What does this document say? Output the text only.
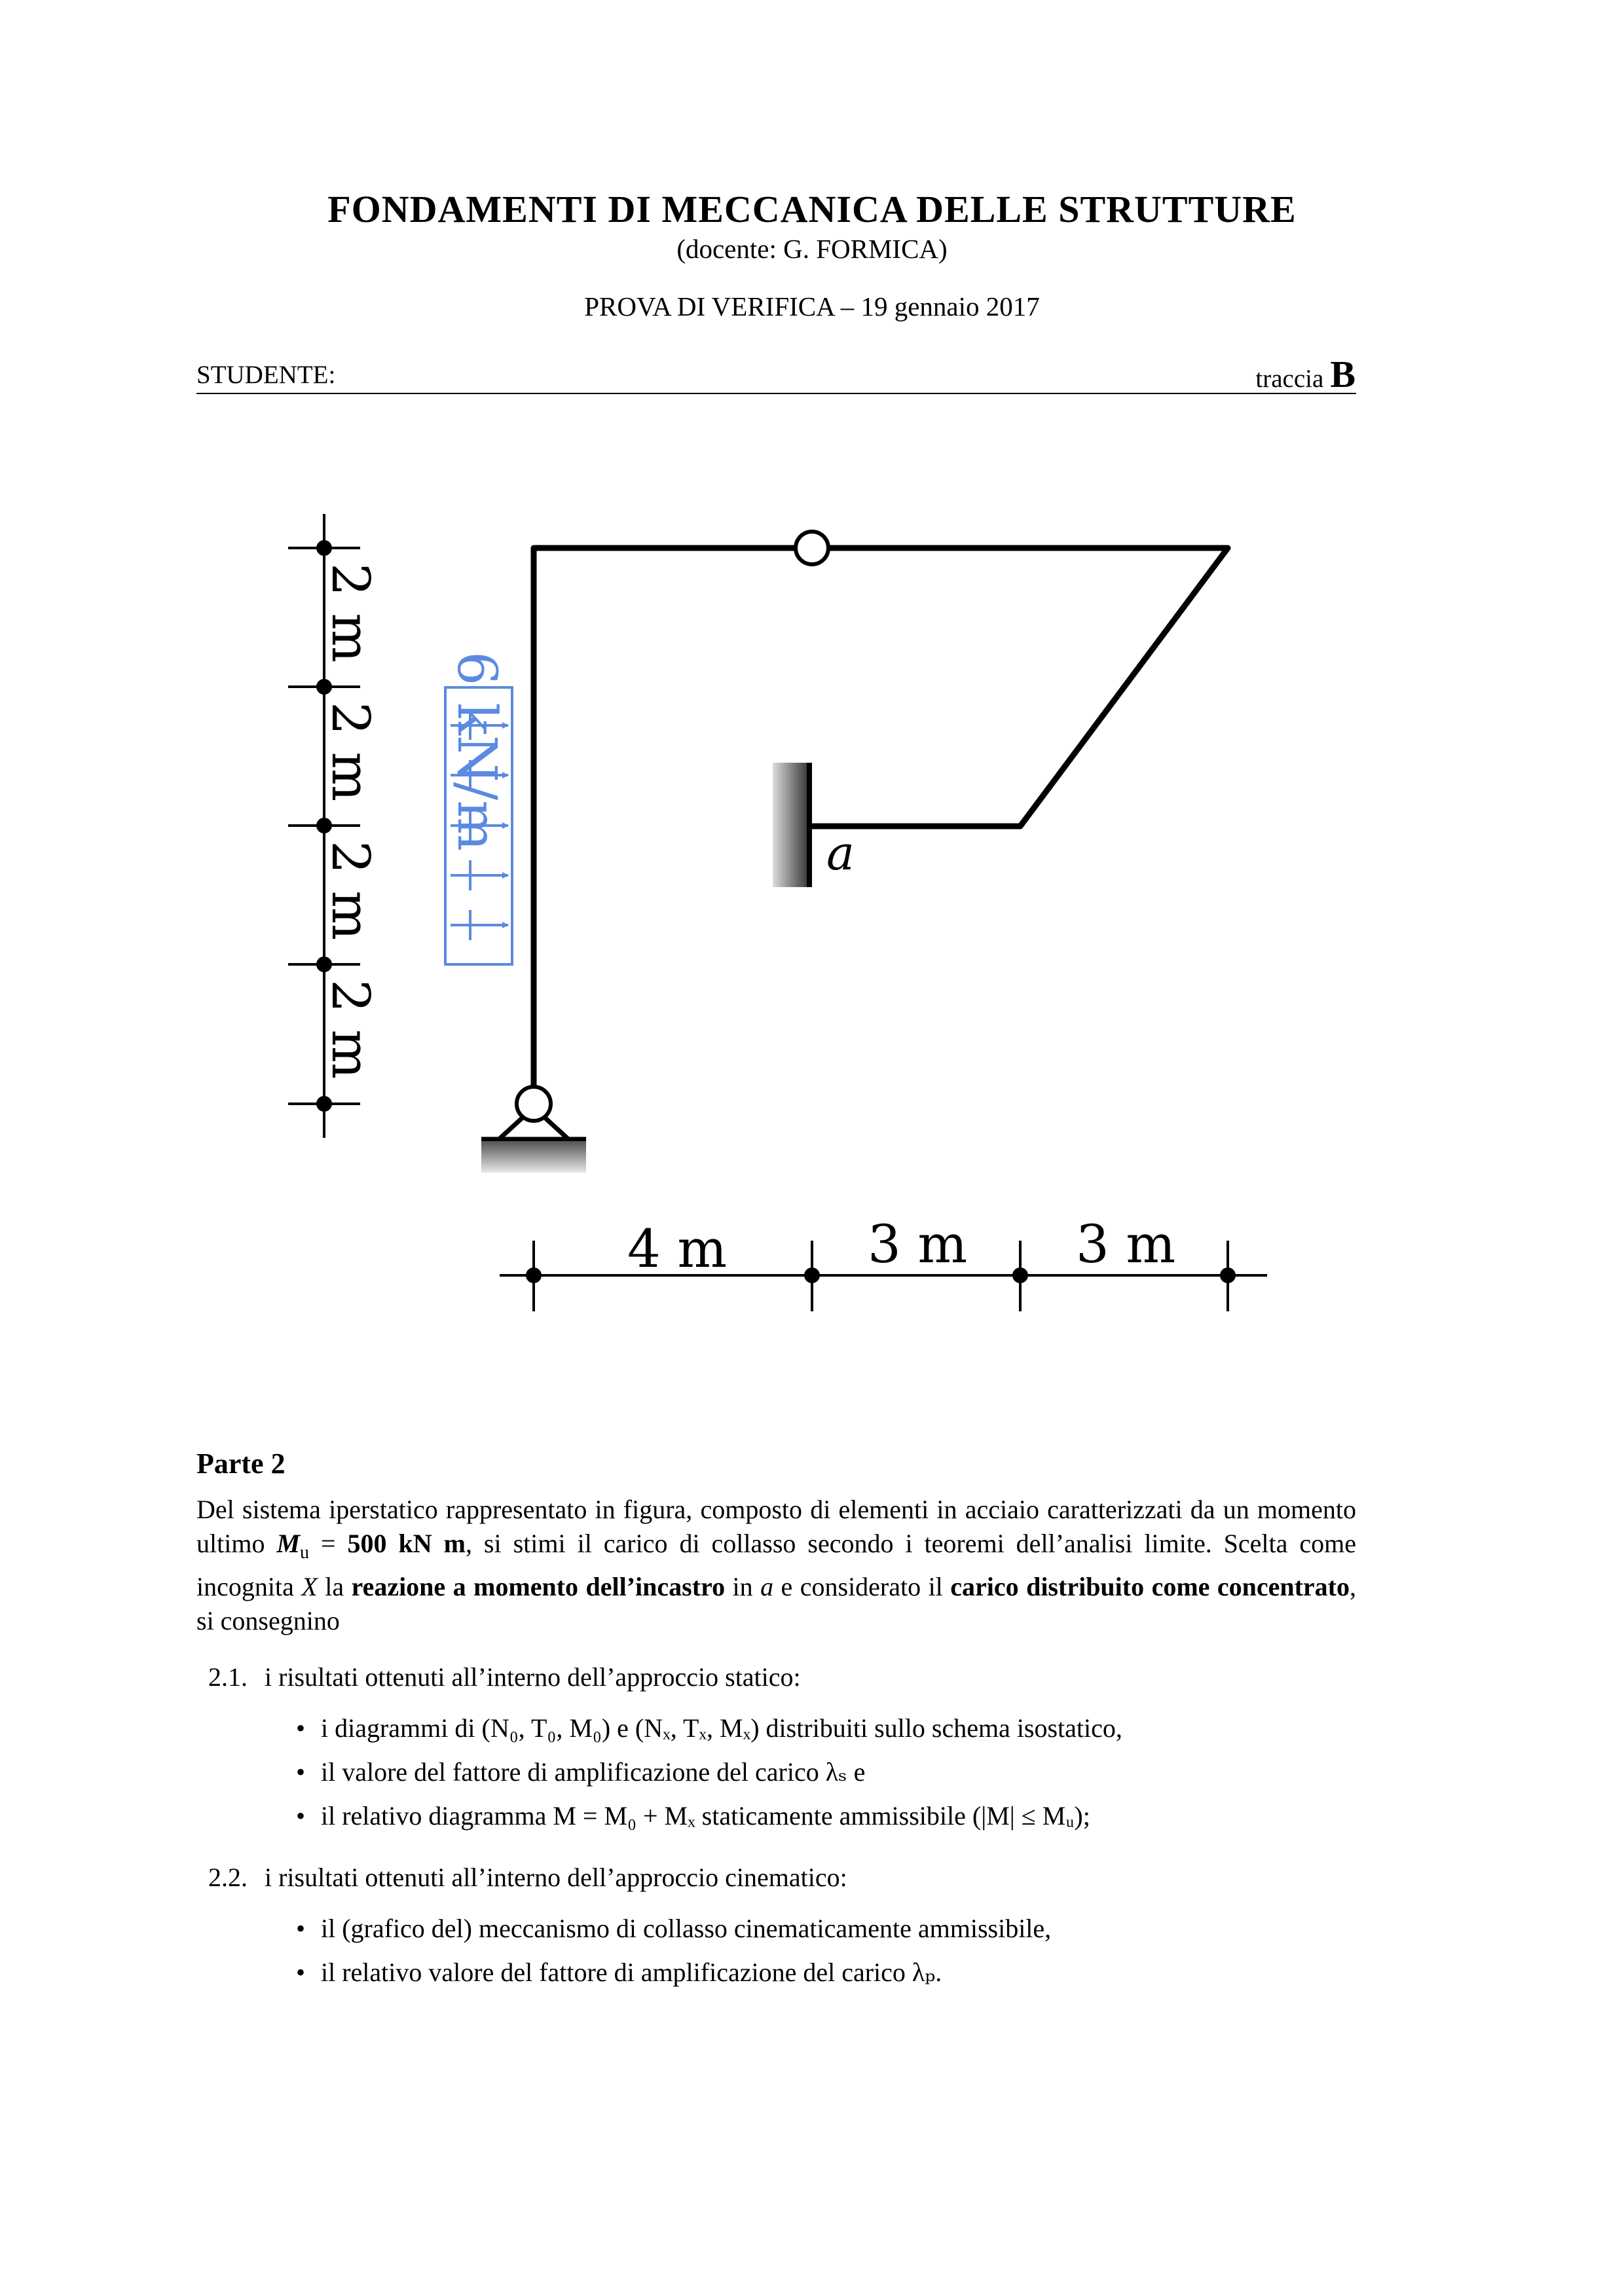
FONDAMENTI DI MECCANICA DELLE STRUTTURE
(docente: G. FORMICA)
PROVA DI VERIFICA – 19 gennaio 2017
STUDENTE:	traccia B
a
6 kN/m
2 m
2 m
2 m
2 m
4 m	3 m 3 m
Parte 2
Del sistema iperstatico rappresentato in figura, composto di elementi in acciaio caratterizzati da un momento ultimo $M_u = 500$ kN m, si stimi il carico di collasso secondo i teoremi dell’analisi limite. Scelta come incognita X la reazione a momento dell’incastro in a e considerato il carico distribuito come concentrato, si consegnino
2.1. i risultati ottenuti all’interno dell’approccio statico:
• i diagrammi di (N₀, T₀, M₀) e (Nₓ, Tₓ, Mₓ) distribuiti sullo schema isostatico,
• il valore del fattore di amplificazione del carico λₛ e
• il relativo diagramma M = M₀ + Mₓ staticamente ammissibile (|M| ≤ Mᵤ);
2.2. i risultati ottenuti all’interno dell’approccio cinematico:
• il (grafico del) meccanismo di collasso cinematicamente ammissibile,
• il relativo valore del fattore di amplificazione del carico λₚ.
